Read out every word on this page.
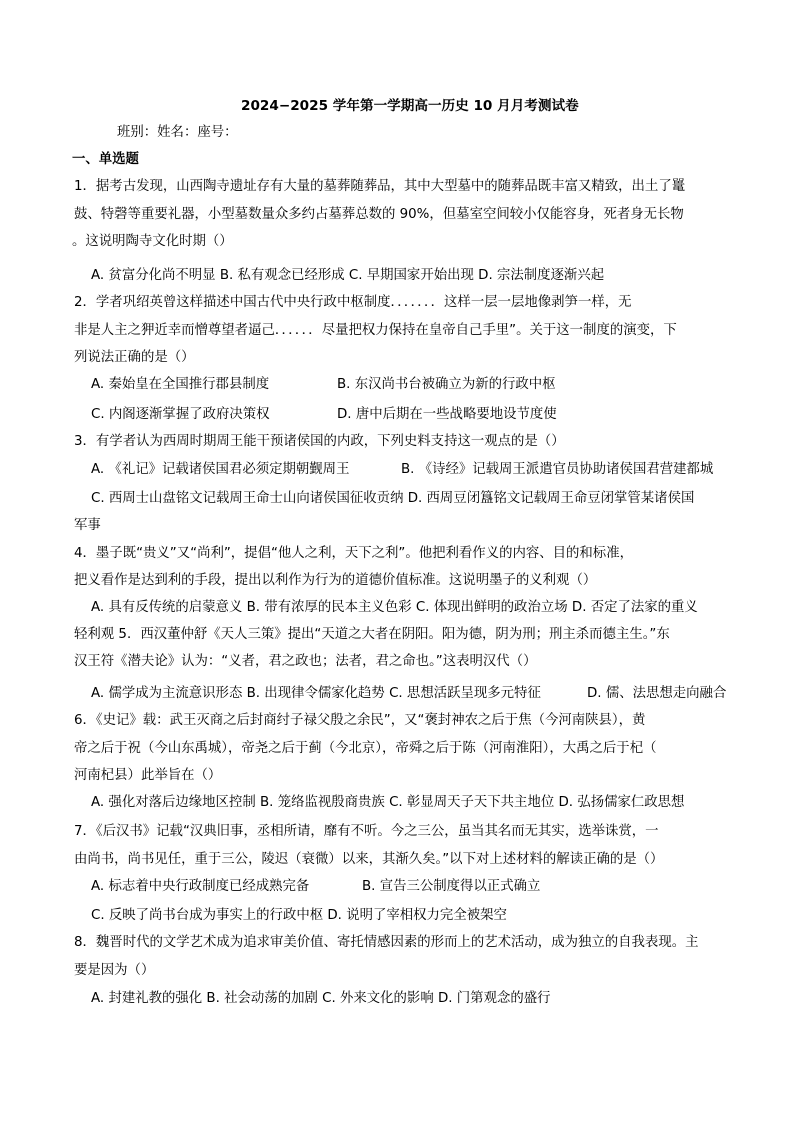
2024−2025 学年第一学期高一历史 10 月月考测试卷
班别：姓名：座号：
一、单选题
1．据考古发现，山西陶寺遗址存有大量的墓葬随葬品，其中大型墓中的随葬品既丰富又精致，出土了鼍
鼓、特磬等重要礼器，小型墓数量众多约占墓葬总数的 90%，但墓室空间较小仅能容身，死者身无长物
。这说明陶寺文化时期（）
A. 贫富分化尚不明显 B. 私有观念已经形成 C. 早期国家开始出现 D. 宗法制度逐渐兴起
2．学者巩绍英曾这样描述中国古代中央行政中枢制度．．．．．．．这样一层一层地像剥笋一样，无
非是人主之狎近幸而憎尊望者逼己．．．．．．尽量把权力保持在皇帝自己手里”。关于这一制度的演变，下
列说法正确的是（）
A. 秦始皇在全国推行郡县制度	B. 东汉尚书台被确立为新的行政中枢
C. 内阁逐渐掌握了政府决策权	D. 唐中后期在一些战略要地设节度使
3．有学者认为西周时期周王能干预诸侯国的内政，下列史料支持这一观点的是（）
A. 《礼记》记载诸侯国君必须定期朝觐周王	B. 《诗经》记载周王派遣官员协助诸侯国君营建都城
C. 西周士山盘铭文记载周王命士山向诸侯国征收贡纳 D. 西周豆闭簋铭文记载周王命豆闭掌管某诸侯国
军事
4．墨子既“贵义”又“尚利”，提倡“他人之利，天下之利”。他把利看作义的内容、目的和标准，
把义看作是达到利的手段，提出以利作为行为的道德价值标准。这说明墨子的义利观（）
A. 具有反传统的启蒙意义 B. 带有浓厚的民本主义色彩 C. 体现出鲜明的政治立场 D. 否定了法家的重义
轻利观 5．西汉董仲舒《天人三策》提出“天道之大者在阴阳。阳为德，阴为刑；刑主杀而德主生。”东
汉王符《潜夫论》认为：“义者，君之政也；法者，君之命也。”这表明汉代（）
A. 儒学成为主流意识形态 B. 出现律令儒家化趋势 C. 思想活跃呈现多元特征	D. 儒、法思想走向融合
6．《史记》载：武王灭商之后封商纣子禄父殷之余民”，又“褒封神农之后于焦（今河南陕县），黄
帝之后于祝（今山东禹城），帝尧之后于蓟（今北京），帝舜之后于陈（河南淮阳），大禹之后于杞（
河南杞县）此举旨在（）
A. 强化对落后边缘地区控制 B. 笼络监视殷商贵族 C. 彰显周天子天下共主地位 D. 弘扬儒家仁政思想
7．《后汉书》记载“汉典旧事，丞相所请，靡有不听。今之三公，虽当其名而无其实，选举诛赏，一
由尚书，尚书见任，重于三公，陵迟（衰微）以来，其渐久矣。”以下对上述材料的解读正确的是（）
A. 标志着中央行政制度已经成熟完备	B. 宣告三公制度得以正式确立
C. 反映了尚书台成为事实上的行政中枢 D. 说明了宰相权力完全被架空
8．魏晋时代的文学艺术成为追求审美价值、寄托情感因素的形而上的艺术活动，成为独立的自我表现。主
要是因为（）
A. 封建礼教的强化 B. 社会动荡的加剧 C. 外来文化的影响 D. 门第观念的盛行
